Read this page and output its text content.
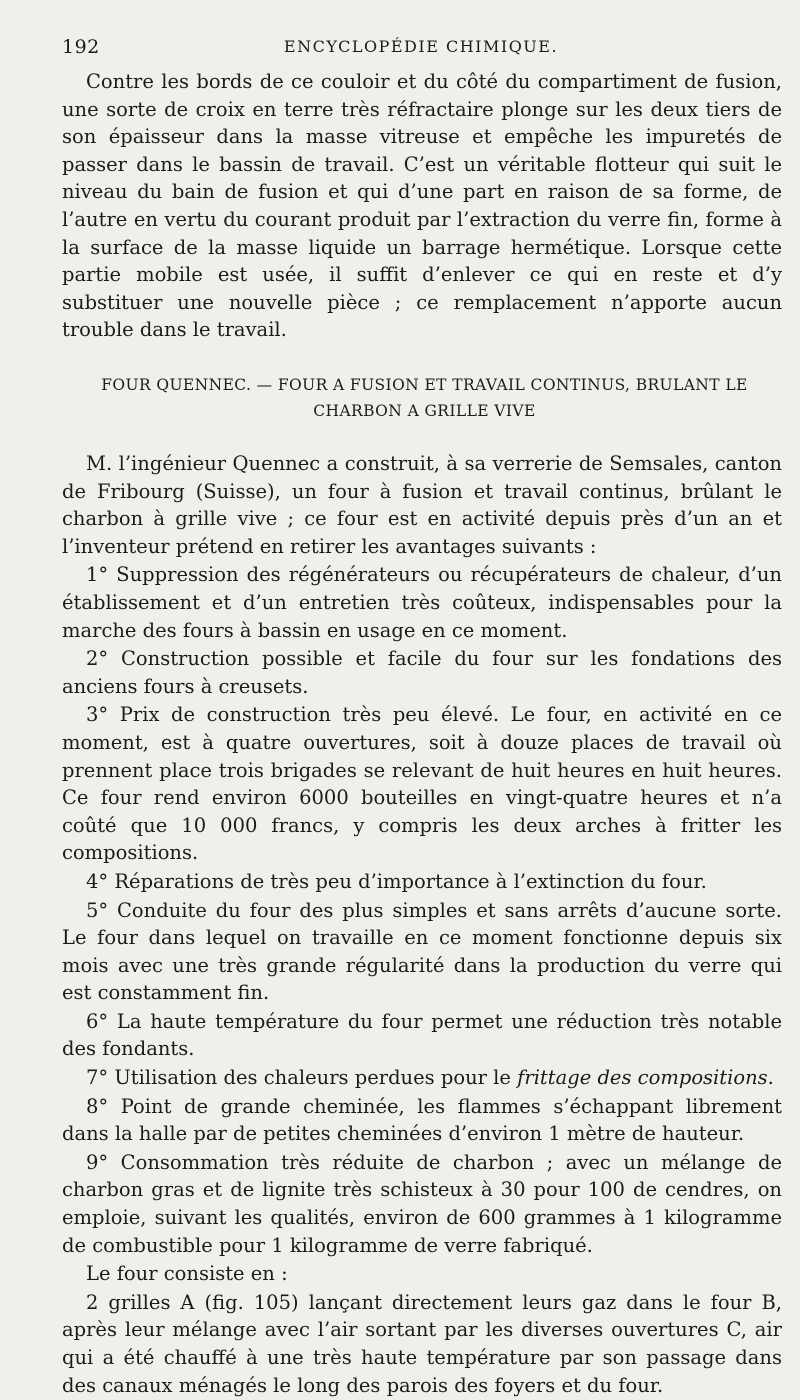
192	ENCYCLOPÉDIE CHIMIQUE.

Contre les bords de ce couloir et du côté du compartiment de fusion, une sorte de croix en terre très réfractaire plonge sur les deux tiers de son épaisseur dans la masse vitreuse et empêche les impuretés de passer dans le bassin de travail. C’est un véritable flotteur qui suit le niveau du bain de fusion et qui d’une part en raison de sa forme, de l’autre en vertu du courant produit par l’extraction du verre fin, forme à la surface de la masse liquide un barrage hermétique. Lorsque cette partie mobile est usée, il suffit d’enlever ce qui en reste et d’y substituer une nouvelle pièce ; ce remplacement n’apporte aucun trouble dans le travail.

FOUR QUENNEC. — FOUR A FUSION ET TRAVAIL CONTINUS, BRULANT LE CHARBON A GRILLE VIVE

M. l’ingénieur Quennec a construit, à sa verrerie de Semsales, canton de Fribourg (Suisse), un four à fusion et travail continus, brûlant le charbon à grille vive ; ce four est en activité depuis près d’un an et l’inventeur prétend en retirer les avantages suivants :

1° Suppression des régénérateurs ou récupérateurs de chaleur, d’un établissement et d’un entretien très coûteux, indispensables pour la marche des fours à bassin en usage en ce moment.

2° Construction possible et facile du four sur les fondations des anciens fours à creusets.

3° Prix de construction très peu élevé. Le four, en activité en ce moment, est à quatre ouvertures, soit à douze places de travail où prennent place trois brigades se relevant de huit heures en huit heures. Ce four rend environ 6000 bouteilles en vingt-quatre heures et n’a coûté que 10 000 francs, y compris les deux arches à fritter les compositions.

4° Réparations de très peu d’importance à l’extinction du four.

5° Conduite du four des plus simples et sans arrêts d’aucune sorte. Le four dans lequel on travaille en ce moment fonctionne depuis six mois avec une très grande régularité dans la production du verre qui est constamment fin.

6° La haute température du four permet une réduction très notable des fondants.

7° Utilisation des chaleurs perdues pour le frittage des compositions.

8° Point de grande cheminée, les flammes s’échappant librement dans la halle par de petites cheminées d’environ 1 mètre de hauteur.

9° Consommation très réduite de charbon ; avec un mélange de charbon gras et de lignite très schisteux à 30 pour 100 de cendres, on emploie, suivant les qualités, environ de 600 grammes à 1 kilogramme de combustible pour 1 kilogramme de verre fabriqué.

Le four consiste en :

2 grilles A (fig. 105) lançant directement leurs gaz dans le four B, après leur mélange avec l’air sortant par les diverses ouvertures C, air qui a été chauffé à une très haute température par son passage dans des canaux ménagés le long des parois des foyers et du four.
